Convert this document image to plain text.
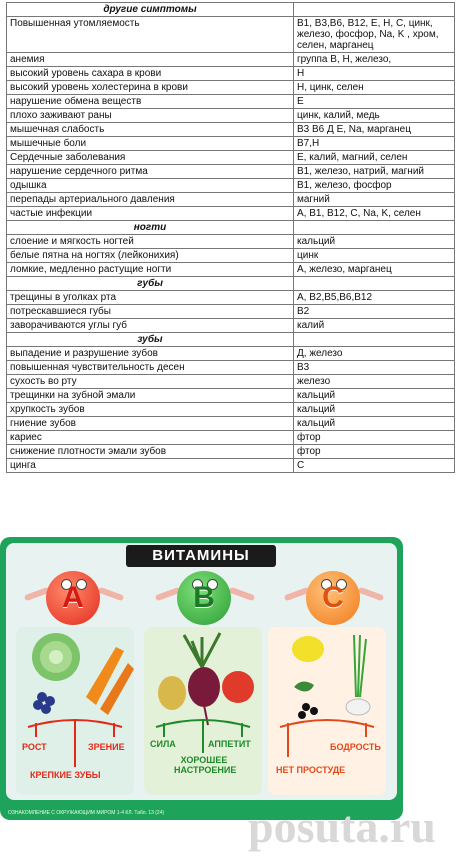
другие симптомы	
Повышенная утомляемость	B1, B3,B6, B12, E, H, C, цинк, железо, фосфор, Na, K , хром, селен, марганец
анемия	группа B, H, железо,
высокий уровень сахара в крови	H
высокий уровень холестерина в крови	H, цинк, селен
нарушение обмена веществ	E
плохо заживают раны	цинк, калий, медь
мышечная слабость	B3 B6 Д E, Na, марганец
мышечные боли	B7,H
Сердечные заболевания	E, калий, магний, селен
нарушение сердечного ритма	B1, железо, натрий, магний
одышка	B1, железо, фосфор
перепады артериального давления	магний
частые инфекции	A, B1, B12, C, Na, K, селен
ногти	
слоение и мягкость ногтей	кальций
белые пятна на ногтях (лейконихия)	цинк
ломкие, медленно растущие ногти	A, железо, марганец
губы	
трещины в уголках рта	A, B2,B5,B6,B12
потрескавшиеся губы	B2
заворачиваются углы губ	калий
зубы	
выпадение и разрушение зубов	Д, железо
повышенная чувствительность десен	B3
сухость во рту	железо
трещинки на зубной эмали	кальций
хрупкость зубов	кальций
гниение зубов	кальций
кариес	фтор
снижение плотности эмали зубов	фтор
цинга	C
ВИТАМИНЫ
A	B	C
РОСТ	ЗРЕНИЕ
КРЕПКИЕ ЗУБЫ
СИЛА	АППЕТИТ
ХОРОШЕЕ НАСТРОЕНИЕ
БОДРОСТЬ
НЕТ ПРОСТУДЕ
ОЗНАКОМЛЕНИЕ С ОКРУЖАЮЩИМ МИРОМ 1-4 КЛ. Табл. 13 (24) posuta.ru
